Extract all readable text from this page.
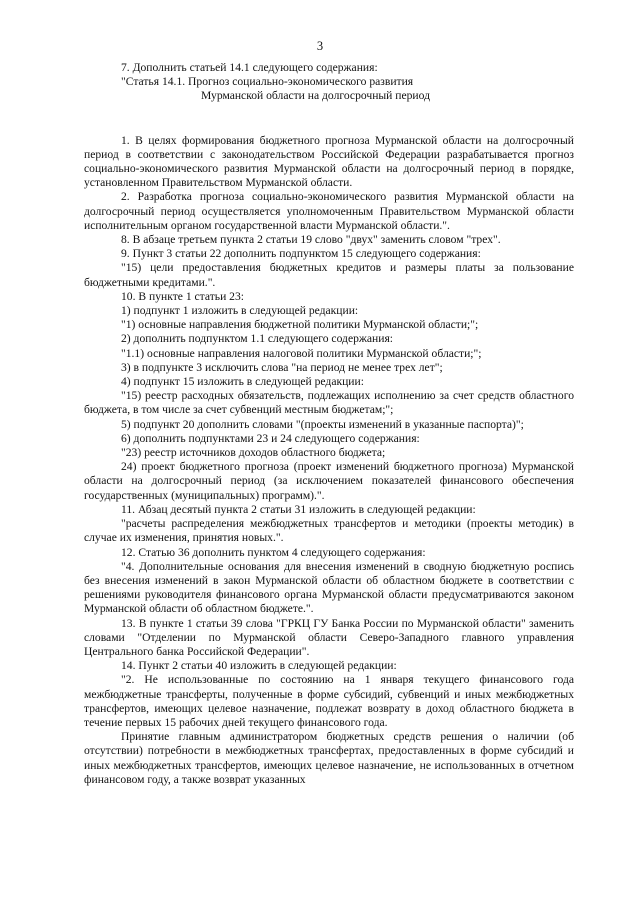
3

7. Дополнить статьей 14.1 следующего содержания:

"Статья 14.1. Прогноз социально-экономического развития

Мурманской области на долгосрочный период

1. В целях формирования бюджетного прогноза Мурманской области на долгосрочный период в соответствии с законодательством Российской Федерации разрабатывается прогноз социально-экономического развития Мурманской области на долгосрочный период в порядке, установленном Правительством Мурманской области.

2. Разработка прогноза социально-экономического развития Мурманской области на долгосрочный период осуществляется уполномоченным Правительством Мурманской области исполнительным органом государственной власти Мурманской области.".

8. В абзаце третьем пункта 2 статьи 19 слово "двух" заменить словом "трех".

9. Пункт 3 статьи 22 дополнить подпунктом 15 следующего содержания:

"15) цели предоставления бюджетных кредитов и размеры платы за пользование бюджетными кредитами.".

10. В пункте 1 статьи 23:

1) подпункт 1 изложить в следующей редакции:

"1) основные направления бюджетной политики Мурманской области;";

2) дополнить подпунктом 1.1 следующего содержания:

"1.1) основные направления налоговой политики Мурманской области;";

3) в подпункте 3 исключить слова "на период не менее трех лет";

4) подпункт 15 изложить в следующей редакции:

"15) реестр расходных обязательств, подлежащих исполнению за счет средств областного бюджета, в том числе за счет субвенций местным бюджетам;";

5) подпункт 20 дополнить словами "(проекты изменений в указанные паспорта)";

6) дополнить подпунктами 23 и 24 следующего содержания:

"23) реестр источников доходов областного бюджета;

24) проект бюджетного прогноза (проект изменений бюджетного прогноза) Мурманской области на долгосрочный период (за исключением показателей финансового обеспечения государственных (муниципальных) программ).".

11. Абзац десятый пункта 2 статьи 31 изложить в следующей редакции:

"расчеты распределения межбюджетных трансфертов и методики (проекты методик) в случае их изменения, принятия новых.".

12. Статью 36 дополнить пунктом 4 следующего содержания:

"4. Дополнительные основания для внесения изменений в сводную бюджетную роспись без внесения изменений в закон Мурманской области об областном бюджете в соответствии с решениями руководителя финансового органа Мурманской области предусматриваются законом Мурманской области об областном бюджете.".

13. В пункте 1 статьи 39 слова "ГРКЦ ГУ Банка России по Мурманской области" заменить словами "Отделении по Мурманской области Северо-Западного главного управления Центрального банка Российской Федерации".

14. Пункт 2 статьи 40 изложить в следующей редакции:

"2. Не использованные по состоянию на 1 января текущего финансового года межбюджетные трансферты, полученные в форме субсидий, субвенций и иных межбюджетных трансфертов, имеющих целевое назначение, подлежат возврату в доход областного бюджета в течение первых 15 рабочих дней текущего финансового года.

Принятие главным администратором бюджетных средств решения о наличии (об отсутствии) потребности в межбюджетных трансфертах, предоставленных в форме субсидий и иных межбюджетных трансфертов, имеющих целевое назначение, не использованных в отчетном финансовом году, а также возврат указанных
